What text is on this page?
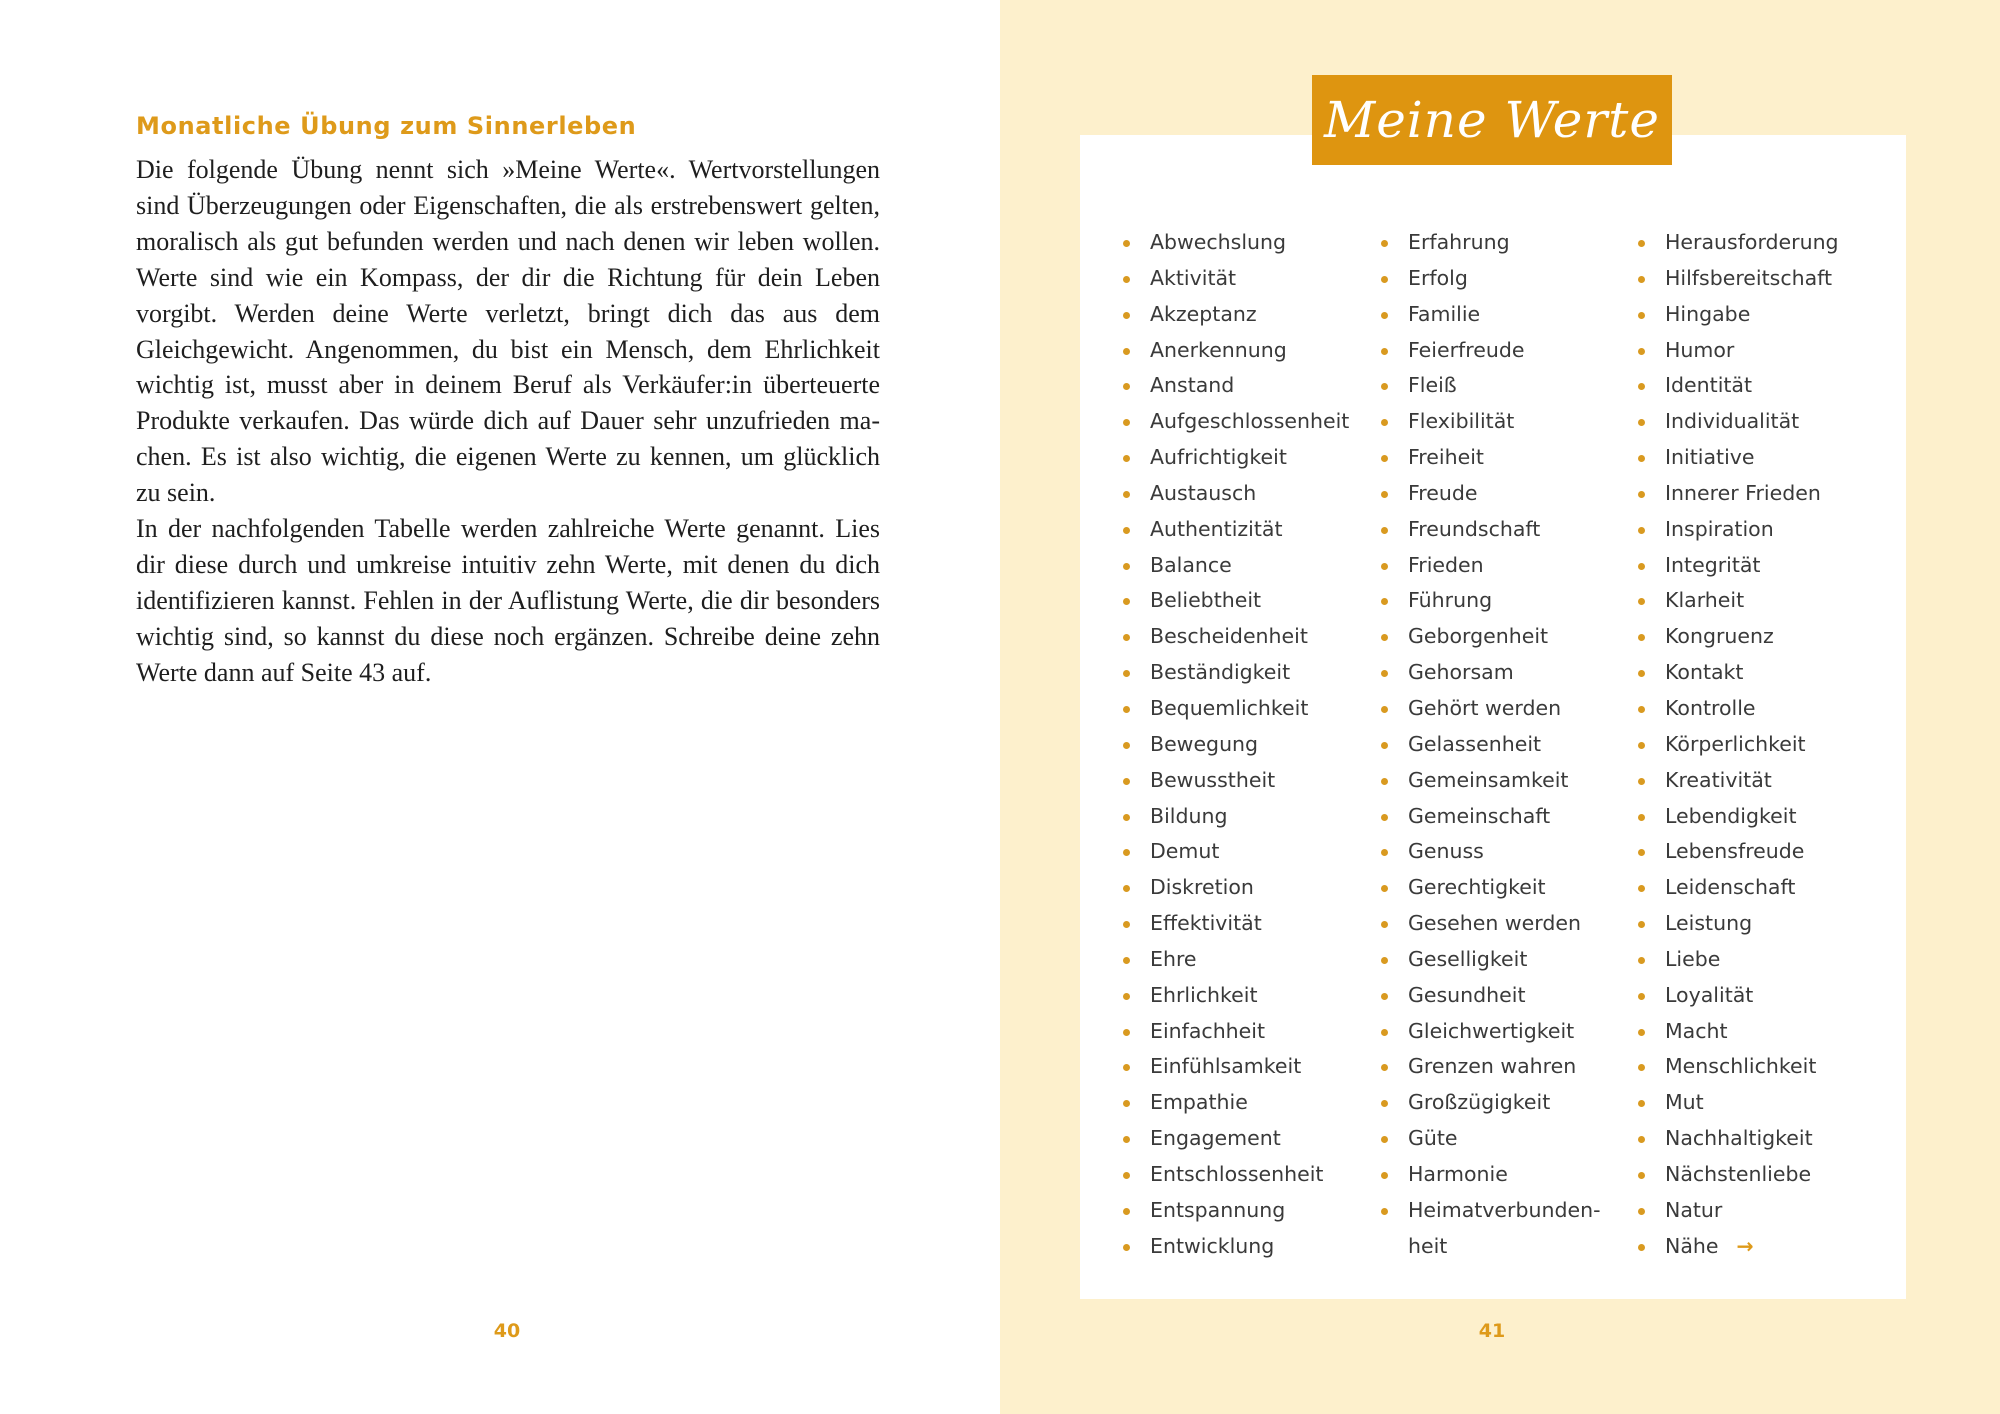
Monatliche Übung zum Sinnerleben

Die folgende Übung nennt sich »Meine Werte«. Wertvorstellungen sind Überzeugungen oder Eigenschaften, die als erstrebenswert gelten, moralisch als gut befunden werden und nach denen wir leben wollen. Werte sind wie ein Kompass, der dir die Richtung für dein Leben vorgibt. Werden deine Werte verletzt, bringt dich das aus dem Gleichgewicht. Angenommen, du bist ein Mensch, dem Ehrlichkeit wichtig ist, musst aber in deinem Beruf als Verkäufer:in überteuerte Produkte verkaufen. Das würde dich auf Dauer sehr unzufrieden machen. Es ist also wichtig, die eigenen Werte zu kennen, um glücklich zu sein.

In der nachfolgenden Tabelle werden zahlreiche Werte genannt. Lies dir diese durch und umkreise intuitiv zehn Werte, mit denen du dich identifizieren kannst. Fehlen in der Auflistung Werte, die dir besonders wichtig sind, so kannst du diese noch ergänzen. Schreibe deine zehn Werte dann auf Seite 43 auf.

40
Meine Werte
Abwechslung
Aktivität
Akzeptanz
Anerkennung
Anstand
Aufgeschlossenheit
Aufrichtigkeit
Austausch
Authentizität
Balance
Beliebtheit
Bescheidenheit
Beständigkeit
Bequemlichkeit
Bewegung
Bewusstheit
Bildung
Demut
Diskretion
Effektivität
Ehre
Ehrlichkeit
Einfachheit
Einfühlsamkeit
Empathie
Engagement
Entschlossenheit
Entspannung
Entwicklung
Erfahrung
Erfolg
Familie
Feierfreude
Fleiß
Flexibilität
Freiheit
Freude
Freundschaft
Frieden
Führung
Geborgenheit
Gehorsam
Gehört werden
Gelassenheit
Gemeinsamkeit
Gemeinschaft
Genuss
Gerechtigkeit
Gesehen werden
Geselligkeit
Gesundheit
Gleichwertigkeit
Grenzen wahren
Großzügigkeit
Güte
Harmonie
Heimatverbunden-
heit
Herausforderung
Hilfsbereitschaft
Hingabe
Humor
Identität
Individualität
Initiative
Innerer Frieden
Inspiration
Integrität
Klarheit
Kongruenz
Kontakt
Kontrolle
Körperlichkeit
Kreativität
Lebendigkeit
Lebensfreude
Leidenschaft
Leistung
Liebe
Loyalität
Macht
Menschlichkeit
Mut
Nachhaltigkeit
Nächstenliebe
Natur
Nähe →
41
